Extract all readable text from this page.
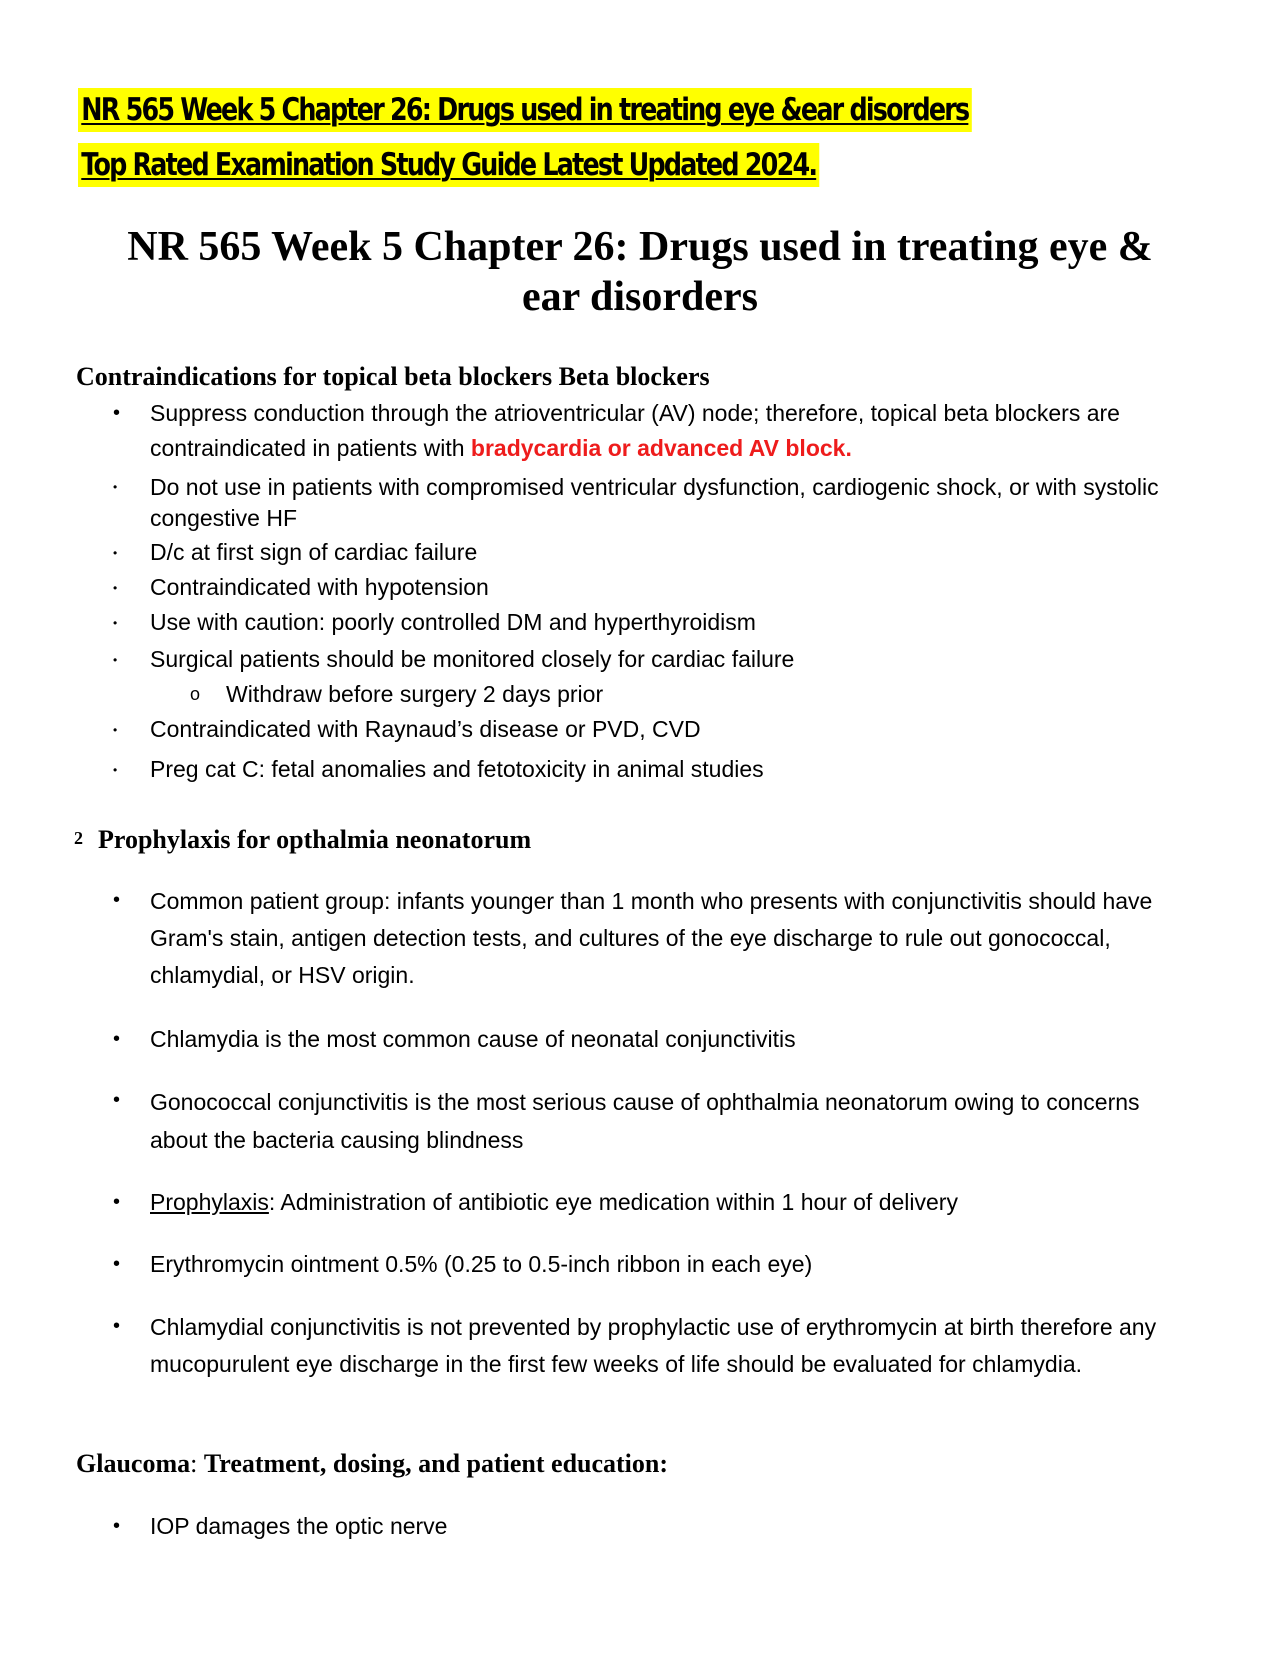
NR 565 Week 5 Chapter 26: Drugs used in treating eye &ear disorders
Top Rated Examination Study Guide Latest Updated 2024.
NR 565 Week 5 Chapter 26: Drugs used in treating eye &
ear disorders
Contraindications for topical beta blockers Beta blockers
• Suppress conduction through the atrioventricular (AV) node; therefore, topical beta blockers are contraindicated in patients with bradycardia or advanced AV block.

• Do not use in patients with compromised ventricular dysfunction, cardiogenic shock, or with systolic congestive HF

• D/c at first sign of cardiac failure

• Contraindicated with hypotension

• Use with caution: poorly controlled DM and hyperthyroidism

• Surgical patients should be monitored closely for cardiac failure

o Withdraw before surgery 2 days prior

• Contraindicated with Raynaud’s disease or PVD, CVD

• Preg cat C: fetal anomalies and fetotoxicity in animal studies

2 Prophylaxis for opthalmia neonatorum
• Common patient group: infants younger than 1 month who presents with conjunctivitis should have Gram's stain, antigen detection tests, and cultures of the eye discharge to rule out gonococcal, chlamydial, or HSV origin.

• Chlamydia is the most common cause of neonatal conjunctivitis

• Gonococcal conjunctivitis is the most serious cause of ophthalmia neonatorum owing to concerns about the bacteria causing blindness

• Prophylaxis: Administration of antibiotic eye medication within 1 hour of delivery

• Erythromycin ointment 0.5% (0.25 to 0.5-inch ribbon in each eye)

• Chlamydial conjunctivitis is not prevented by prophylactic use of erythromycin at birth therefore any mucopurulent eye discharge in the first few weeks of life should be evaluated for chlamydia.

Glaucoma: Treatment, dosing, and patient education:
• IOP damages the optic nerve
